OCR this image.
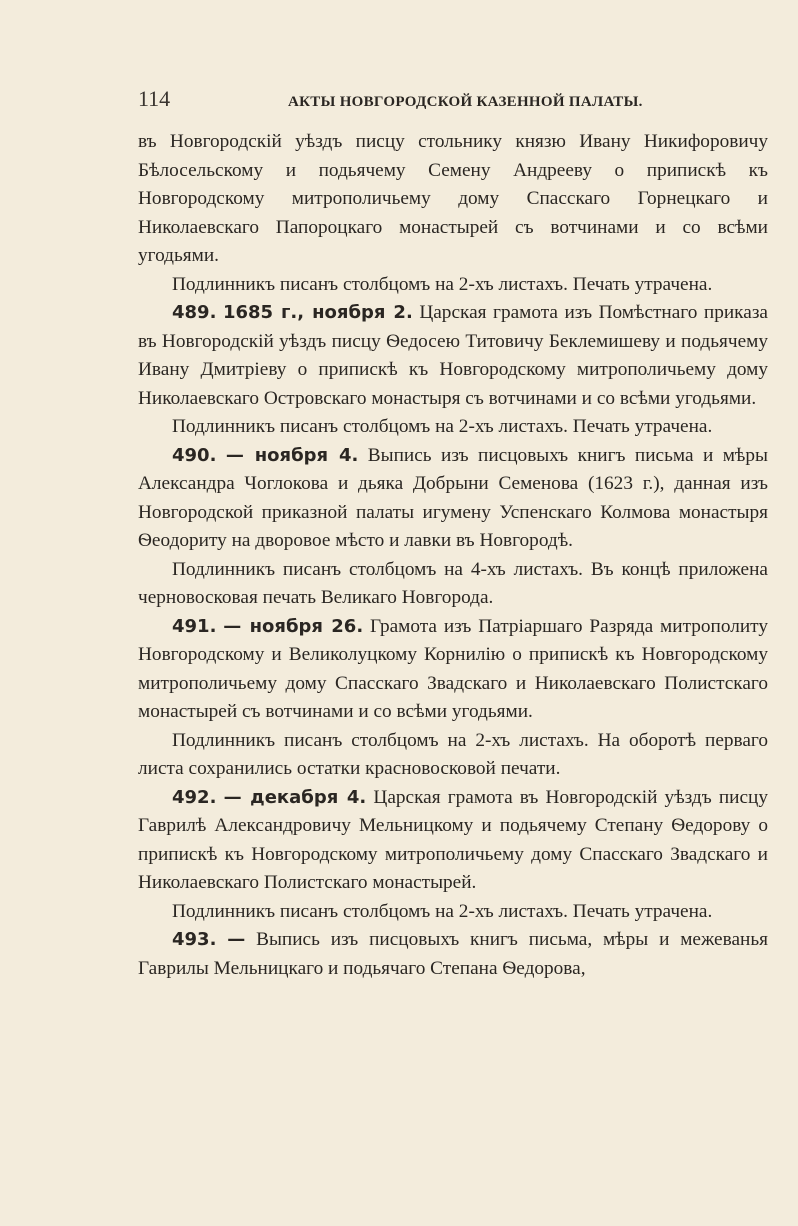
114	АКТЫ НОВГОРОДСКОЙ КАЗЕННОЙ ПАЛАТЫ.

въ Новгородскій уѣздъ писцу стольнику князю Ивану Никифоровичу Бѣлосельскому и подьячему Семену Андрееву о припискѣ къ Новгородскому митрополичьему дому Спасскаго Горнецкаго и Николаевскаго Папороцкаго монастырей съ вотчинами и со всѣми угодьями.

Подлинникъ писанъ столбцомъ на 2-хъ листахъ. Печать утрачена.

489. 1685 г., ноября 2. Царская грамота изъ Помѣстнаго приказа въ Новгородскій уѣздъ писцу Ѳедосею Титовичу Беклемишеву и подьячему Ивану Дмитріеву о припискѣ къ Новгородскому митрополичьему дому Николаевскаго Островскаго монастыря съ вотчинами и со всѣми угодьями.

Подлинникъ писанъ столбцомъ на 2-хъ листахъ. Печать утрачена.

490. — ноября 4. Выпись изъ писцовыхъ книгъ письма и мѣры Александра Чоглокова и дьяка Добрыни Семенова (1623 г.), данная изъ Новгородской приказной палаты игумену Успенскаго Колмова монастыря Ѳеодориту на дворовое мѣсто и лавки въ Новгородѣ.

Подлинникъ писанъ столбцомъ на 4-хъ листахъ. Въ концѣ приложена черновосковая печать Великаго Новгорода.

491. — ноября 26. Грамота изъ Патріаршаго Разряда митрополиту Новгородскому и Великолуцкому Корнилію о припискѣ къ Новгородскому митрополичьему дому Спасскаго Звадскаго и Николаевскаго Полистскаго монастырей съ вотчинами и со всѣми угодьями.

Подлинникъ писанъ столбцомъ на 2-хъ листахъ. На оборотѣ перваго листа сохранились остатки красновосковой печати.

492. — декабря 4. Царская грамота въ Новгородскій уѣздъ писцу Гаврилѣ Александровичу Мельницкому и подьячему Степану Ѳедорову о припискѣ къ Новгородскому митрополичьему дому Спасскаго Звадскаго и Николаевскаго Полистскаго монастырей.

Подлинникъ писанъ столбцомъ на 2-хъ листахъ. Печать утрачена.

493. — Выпись изъ писцовыхъ книгъ письма, мѣры и межеванья Гаврилы Мельницкаго и подьячаго Степана Ѳедорова,
